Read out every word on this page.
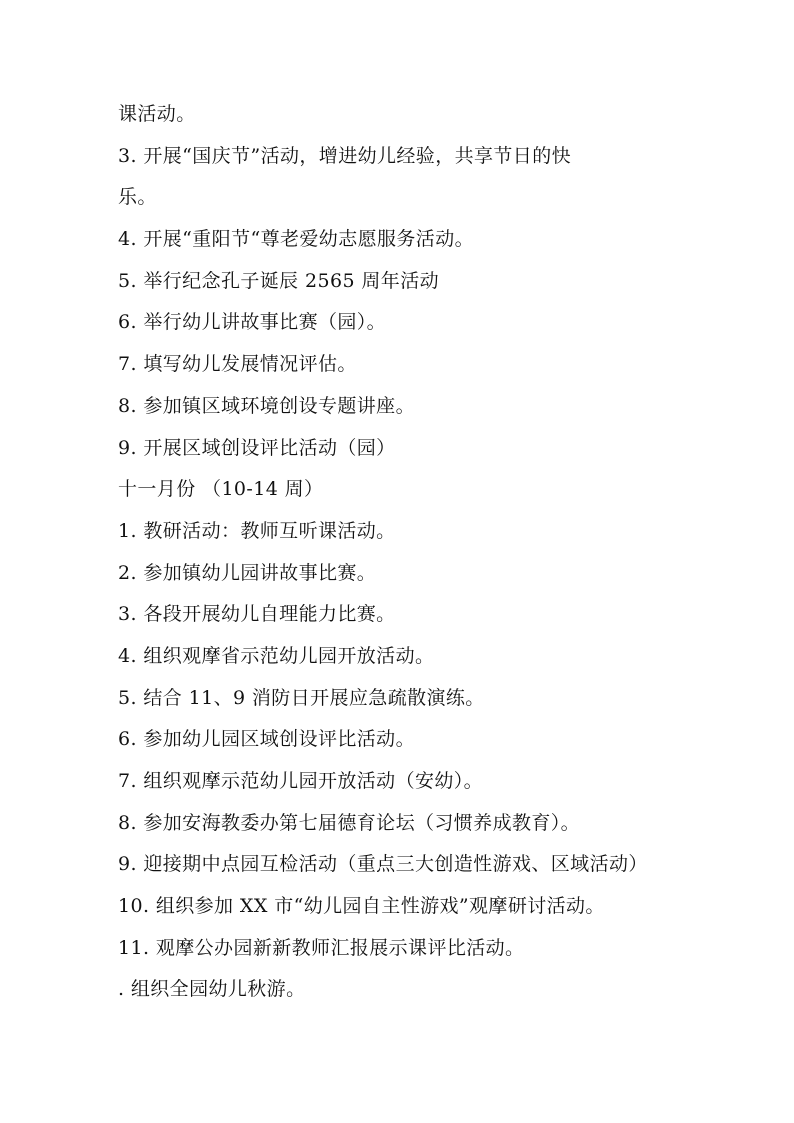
课活动。
3. 开展“国庆节”活动，增进幼儿经验，共享节日的快
乐。
4. 开展“重阳节“尊老爱幼志愿服务活动。
5. 举行纪念孔子诞辰 2565 周年活动
6. 举行幼儿讲故事比赛（园）。
7. 填写幼儿发展情况评估。
8. 参加镇区域环境创设专题讲座。
9. 开展区域创设评比活动（园）
十一月份 （10-14 周）
1. 教研活动：教师互听课活动。
2. 参加镇幼儿园讲故事比赛。
3. 各段开展幼儿自理能力比赛。
4. 组织观摩省示范幼儿园开放活动。
5. 结合 11、9 消防日开展应急疏散演练。
6. 参加幼儿园区域创设评比活动。
7. 组织观摩示范幼儿园开放活动（安幼）。
8. 参加安海教委办第七届德育论坛（习惯养成教育）。
9. 迎接期中点园互检活动（重点三大创造性游戏、区域活动）
10. 组织参加 XX 市“幼儿园自主性游戏”观摩研讨活动。
11. 观摩公办园新新教师汇报展示课评比活动。
. 组织全园幼儿秋游。
